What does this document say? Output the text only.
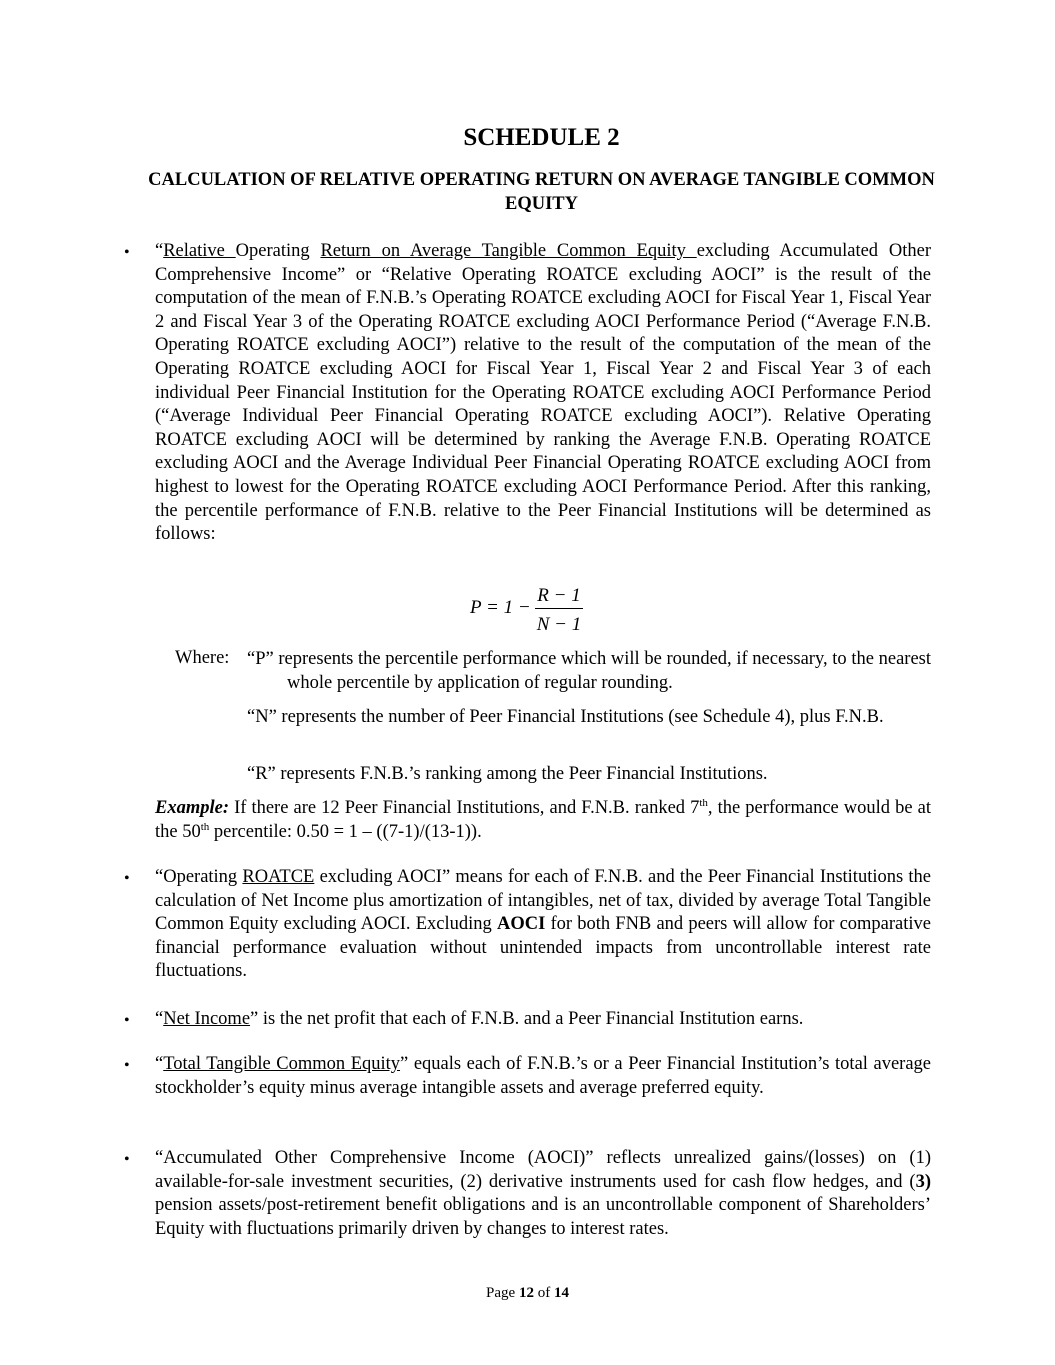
SCHEDULE 2
CALCULATION OF RELATIVE OPERATING RETURN ON AVERAGE TANGIBLE COMMON EQUITY
• “Relative Operating Return on Average Tangible Common Equity excluding Accumulated Other Comprehensive Income” or “Relative Operating ROATCE excluding AOCI” is the result of the computation of the mean of F.N.B.’s Operating ROATCE excluding AOCI for Fiscal Year 1, Fiscal Year 2 and Fiscal Year 3 of the Operating ROATCE excluding AOCI Performance Period (“Average F.N.B. Operating ROATCE excluding AOCI”) relative to the result of the computation of the mean of the Operating ROATCE excluding AOCI for Fiscal Year 1, Fiscal Year 2 and Fiscal Year 3 of each individual Peer Financial Institution for the Operating ROATCE excluding AOCI Performance Period (“Average Individual Peer Financial Operating ROATCE excluding AOCI”). Relative Operating ROATCE excluding AOCI will be determined by ranking the Average F.N.B. Operating ROATCE excluding AOCI and the Average Individual Peer Financial Operating ROATCE excluding AOCI from highest to lowest for the Operating ROATCE excluding AOCI Performance Period. After this ranking, the percentile performance of F.N.B. relative to the Peer Financial Institutions will be determined as follows:
P = 1 −
R − 1
N − 1
Where: “P” represents the percentile performance which will be rounded, if necessary, to the nearest whole percentile by application of regular rounding.
“N” represents the number of Peer Financial Institutions (see Schedule 4), plus F.N.B.
“R” represents F.N.B.’s ranking among the Peer Financial Institutions.
Example: If there are 12 Peer Financial Institutions, and F.N.B. ranked 7th, the performance would be at the 50th percentile: 0.50 = 1 – ((7-1)/(13-1)).
• “Operating ROATCE excluding AOCI” means for each of F.N.B. and the Peer Financial Institutions the calculation of Net Income plus amortization of intangibles, net of tax, divided by average Total Tangible Common Equity excluding AOCI. Excluding AOCI for both FNB and peers will allow for comparative financial performance evaluation without unintended impacts from uncontrollable interest rate fluctuations.
• “Net Income” is the net profit that each of F.N.B. and a Peer Financial Institution earns.
• “Total Tangible Common Equity” equals each of F.N.B.’s or a Peer Financial Institution’s total average stockholder’s equity minus average intangible assets and average preferred equity.
• “Accumulated Other Comprehensive Income (AOCI)” reflects unrealized gains/(losses) on (1) available-for-sale investment securities, (2) derivative instruments used for cash flow hedges, and (3) pension assets/post-retirement benefit obligations and is an uncontrollable component of Shareholders’ Equity with fluctuations primarily driven by changes to interest rates.
Page 12 of 14
